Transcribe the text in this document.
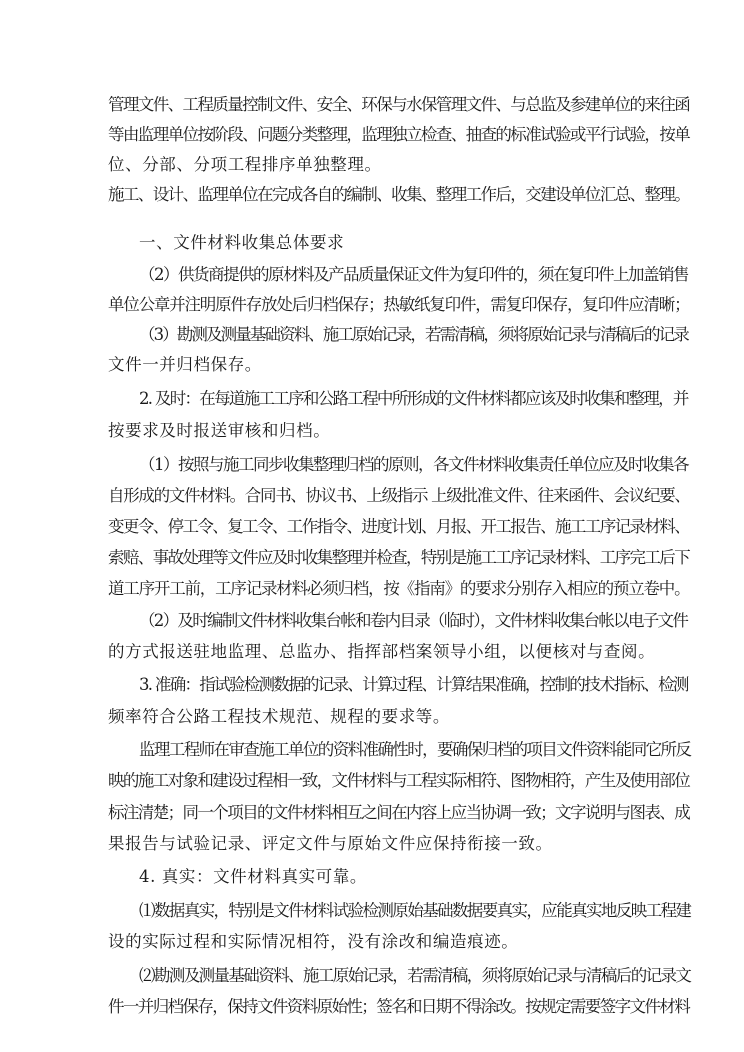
管理文件、工程质量控制文件、安全、环保与水保管理文件、与总监及参建单位的来往函
等由监理单位按阶段、问题分类整理，监理独立检查、抽查的标准试验或平行试验，按单
位、分部、分项工程排序单独整理。
施工、设计、监理单位在完成各自的编制、收集、整理工作后，交建设单位汇总、整理。
一、文件材料收集总体要求
（2）供货商提供的原材料及产品质量保证文件为复印件的，须在复印件上加盖销售
单位公章并注明原件存放处后归档保存；热敏纸复印件，需复印保存，复印件应清晰；
（3）勘测及测量基础资料、施工原始记录，若需清稿，须将原始记录与清稿后的记录
文件一并归档保存。
2. 及时：在每道施工工序和公路工程中所形成的文件材料都应该及时收集和整理，并
按要求及时报送审核和归档。
（1）按照与施工同步收集整理归档的原则，各文件材料收集责任单位应及时收集各
自形成的文件材料。合同书、协议书、上级指示 上级批准文件、往来函件、会议纪要、
变更令、停工令、复工令、工作指令、进度计划、月报、开工报告、施工工序记录材料、
索赔、事故处理等文件应及时收集整理并检查，特别是施工工序记录材料、工序完工后下
道工序开工前，工序记录材料必须归档，按《指南》的要求分别存入相应的预立卷中。
（2）及时编制文件材料收集台帐和卷内目录（临时），文件材料收集台帐以电子文件
的方式报送驻地监理、总监办、指挥部档案领导小组，以便核对与查阅。
3. 准确：指试验检测数据的记录、计算过程、计算结果准确，控制的技术指标、检测
频率符合公路工程技术规范、规程的要求等。
监理工程师在审查施工单位的资料准确性时，要确保归档的项目文件资料能同它所反
映的施工对象和建设过程相一致，文件材料与工程实际相符、图物相符，产生及使用部位
标注清楚；同一个项目的文件材料相互之间在内容上应当协调一致；文字说明与图表、成
果报告与试验记录、评定文件与原始文件应保持衔接一致。
4. 真实：文件材料真实可靠。
⑴数据真实，特别是文件材料试验检测原始基础数据要真实，应能真实地反映工程建
设的实际过程和实际情况相符，没有涂改和编造痕迹。
⑵勘测及测量基础资料、施工原始记录，若需清稿，须将原始记录与清稿后的记录文
件一并归档保存，保持文件资料原始性；签名和日期不得涂改。按规定需要签字文件材料
